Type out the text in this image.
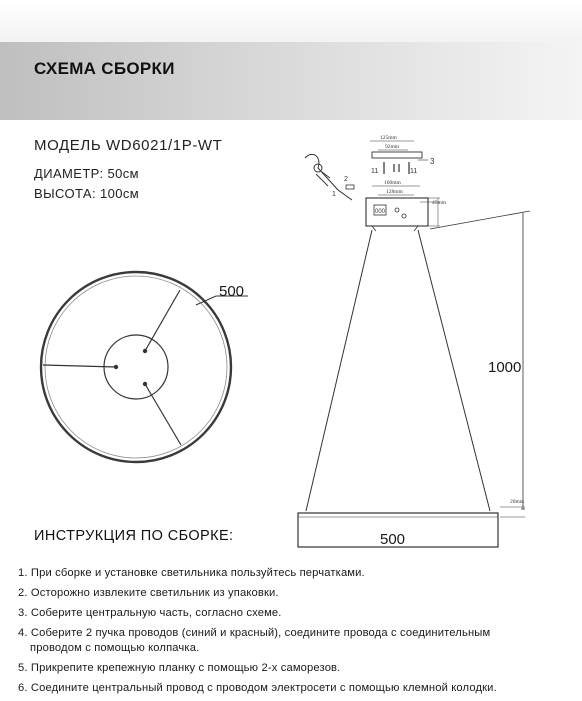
СХЕМА СБОРКИ
МОДЕЛЬ WD6021/1P-WT
ДИАМЕТР: 50см
ВЫСОТА: 100см
500
125mm
92mm
11	11
3
2
1
160mm
128mm
000
45mm
20mm
1000
500
ИНСТРУКЦИЯ ПО СБОРКЕ:
1. При сборке и установке светильника пользуйтесь перчатками.
2. Осторожно извлеките светильник из упаковки.
3. Соберите центральную часть, согласно схеме.
4. Соберите 2 пучка проводов (синий и красный), соедините провода с соединительным
проводом с помощью колпачка.
5. Прикрепите крепежную планку с помощью 2-х саморезов.
6. Соедините центральный провод с проводом электросети с помощью клемной колодки.
